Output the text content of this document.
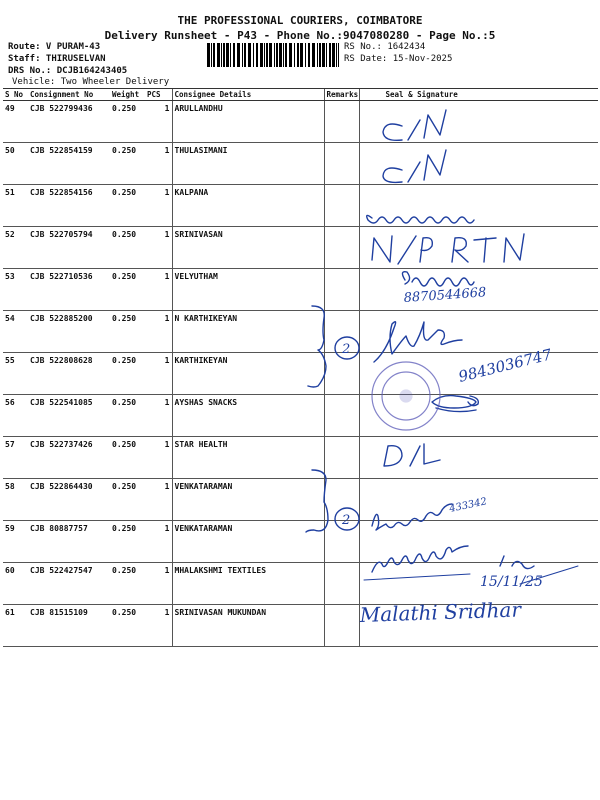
THE PROFESSIONAL COURIERS, COIMBATORE
Delivery Runsheet - P43 - Phone No.:9047080280 - Page No.:5
Route: V PURAM-43
Staff: THIRUSELVAN
DRS No.: DCJB164243405
Vehicle: Two Wheeler Delivery
RS No.: 1642434
RS Date: 15-Nov-2025
S No	Consignment No	Weight	PCS	Consignee Details	Remarks	Seal & Signature
49	CJB 522799436	0.250	1	ARULLANDHU		
50	CJB 522854159	0.250	1	THULASIMANI		
51	CJB 522854156	0.250	1	KALPANA		
52	CJB 522705794	0.250	1	SRINIVASAN		
53	CJB 522710536	0.250	1	VELYUTHAM		
54	CJB 522885200	0.250	1	N KARTHIKEYAN		
55	CJB 522808628	0.250	1	KARTHIKEYAN		
56	CJB 522541085	0.250	1	AYSHAS SNACKS		
57	CJB 522737426	0.250	1	STAR HEALTH		
58	CJB 522864430	0.250	1	VENKATARAMAN		
59	CJB 80887757	0.250	1	VENKATARAMAN		
60	CJB 522427547	0.250	1	MHALAKSHMI TEXTILES		
61	CJB 81515109	0.250	1	SRINIVASAN MUKUNDAN		
2
2
8870544668
9843036747
433342
15/11/25
Malathi Sridhar
